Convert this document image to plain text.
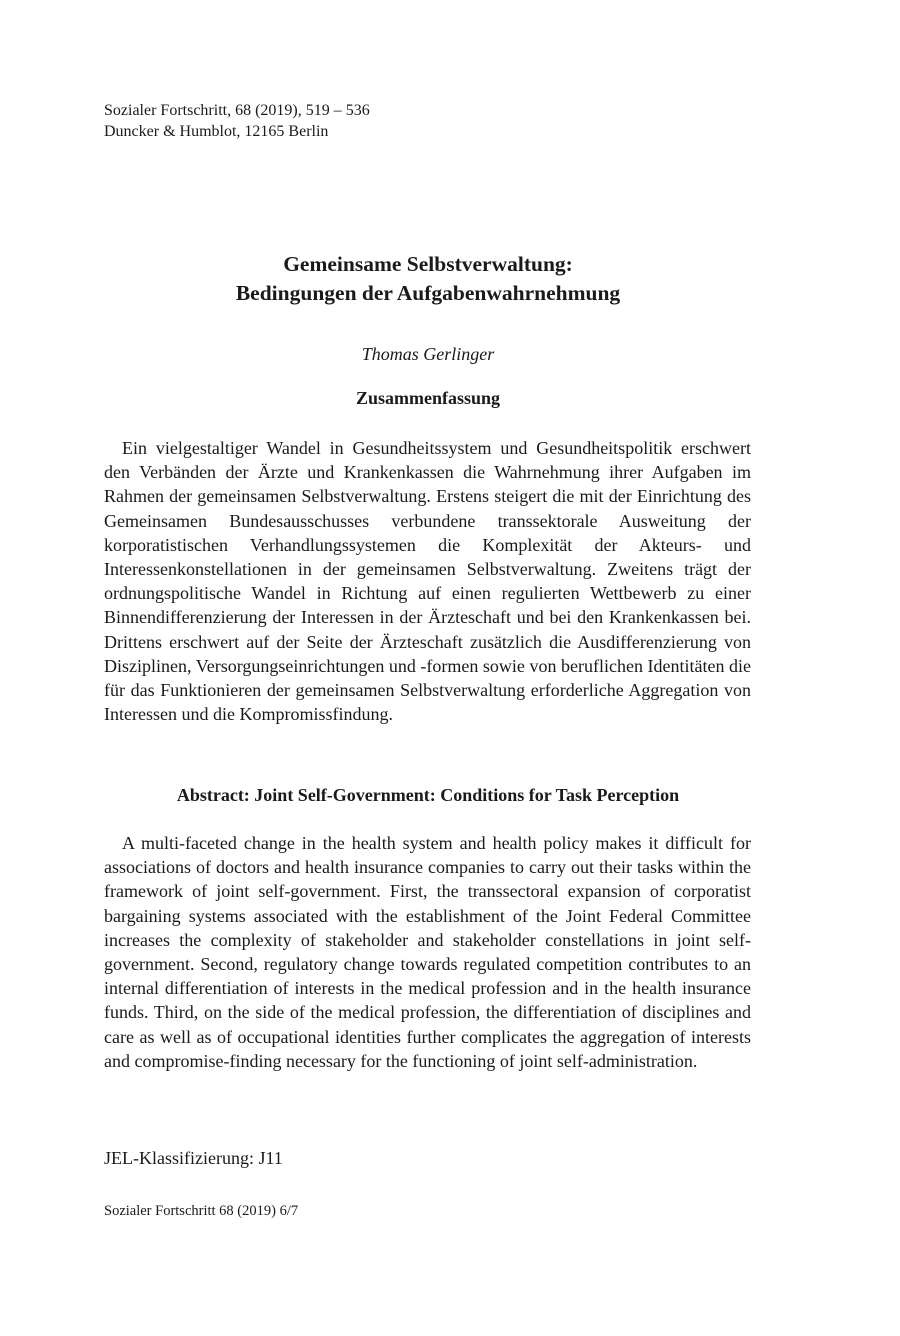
Sozialer Fortschritt, 68 (2019), 519 – 536
Duncker & Humblot, 12165 Berlin
Gemeinsame Selbstverwaltung:
Bedingungen der Aufgabenwahrnehmung
Thomas Gerlinger
Zusammenfassung
Ein vielgestaltiger Wandel in Gesundheitssystem und Gesundheitspolitik erschwert den Verbänden der Ärzte und Krankenkassen die Wahrnehmung ihrer Aufgaben im Rahmen der gemeinsamen Selbstverwaltung. Erstens steigert die mit der Einrichtung des Gemeinsamen Bundesausschusses verbundene transsektorale Ausweitung der korporatistischen Verhandlungssystemen die Komplexität der Akteurs- und Interessenkonstellationen in der gemeinsamen Selbstverwaltung. Zweitens trägt der ordnungspolitische Wandel in Richtung auf einen regulierten Wettbewerb zu einer Binnendifferenzierung der Interessen in der Ärzteschaft und bei den Krankenkassen bei. Drittens erschwert auf der Seite der Ärzteschaft zusätzlich die Ausdifferenzierung von Disziplinen, Versorgungseinrichtungen und -formen sowie von beruflichen Identitäten die für das Funktionieren der gemeinsamen Selbstverwaltung erforderliche Aggregation von Interessen und die Kompromissfindung.
Abstract: Joint Self-Government: Conditions for Task Perception
A multi-faceted change in the health system and health policy makes it difficult for associations of doctors and health insurance companies to carry out their tasks within the framework of joint self-government. First, the transsectoral expansion of corporatist bargaining systems associated with the establishment of the Joint Federal Committee increases the complexity of stakeholder and stakeholder constellations in joint self-government. Second, regulatory change towards regulated competition contributes to an internal differentiation of interests in the medical profession and in the health insurance funds. Third, on the side of the medical profession, the differentiation of disciplines and care as well as of occupational identities further complicates the aggregation of interests and compromise-finding necessary for the functioning of joint self-administration.
JEL-Klassifizierung: J11
Sozialer Fortschritt 68 (2019) 6/7
